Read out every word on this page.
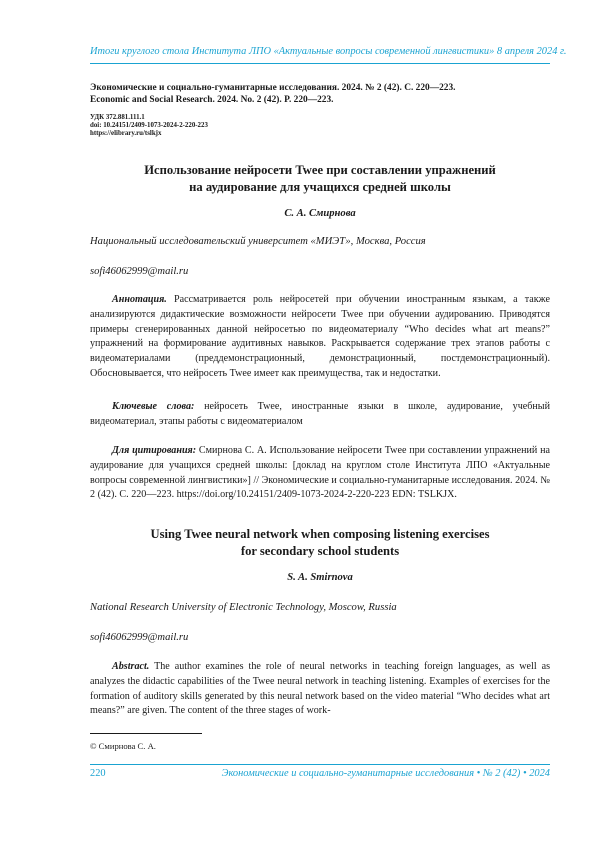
Итоги круглого стола Института ЛПО «Актуальные вопросы современной лингвистики» 8 апреля 2024 г.
Экономические и социально-гуманитарные исследования. 2024. № 2 (42). С. 220—223.
Economic and Social Research. 2024. No. 2 (42). P. 220—223.
УДК 372.881.111.1
doi: 10.24151/2409-1073-2024-2-220-223
https://elibrary.ru/tslkjx
Использование нейросети Twee при составлении упражнений
на аудирование для учащихся средней школы
С. А. Смирнова
Национальный исследовательский университет «МИЭТ», Москва, Россия
sofi46062999@mail.ru
Аннотация. Рассматривается роль нейросетей при обучении иностранным языкам, а также анализируются дидактические возможности нейросети Twee при обучении аудированию. Приводятся примеры сгенерированных данной нейросетью по видеоматериалу “Who decides what art means?” упражнений на формирование аудитивных навыков. Раскрывается содержание трех этапов работы с видеоматериалами (преддемонстрационный, демонстрационный, постдемонстрационный). Обосновывается, что нейросеть Twee имеет как преимущества, так и недостатки.
Ключевые слова: нейросеть Twee, иностранные языки в школе, аудирование, учебный видеоматериал, этапы работы с видеоматериалом
Для цитирования: Смирнова С. А. Использование нейросети Twee при составлении упражнений на аудирование для учащихся средней школы: [доклад на круглом столе Института ЛПО «Актуальные вопросы современной лингвистики»] // Экономические и социально-гуманитарные исследования. 2024. № 2 (42). С. 220—223. https://doi.org/10.24151/2409-1073-2024-2-220-223 EDN: TSLKJX.
Using Twee neural network when composing listening exercises
for secondary school students
S. A. Smirnova
National Research University of Electronic Technology, Moscow, Russia
sofi46062999@mail.ru
Abstract. The author examines the role of neural networks in teaching foreign languages, as well as analyzes the didactic capabilities of the Twee neural network in teaching listening. Examples of exercises for the formation of auditory skills generated by this neural network based on the video material “Who decides what art means?” are given. The content of the three stages of work-
© Смирнова С. А.
220	Экономические и социально-гуманитарные исследования • № 2 (42) • 2024
